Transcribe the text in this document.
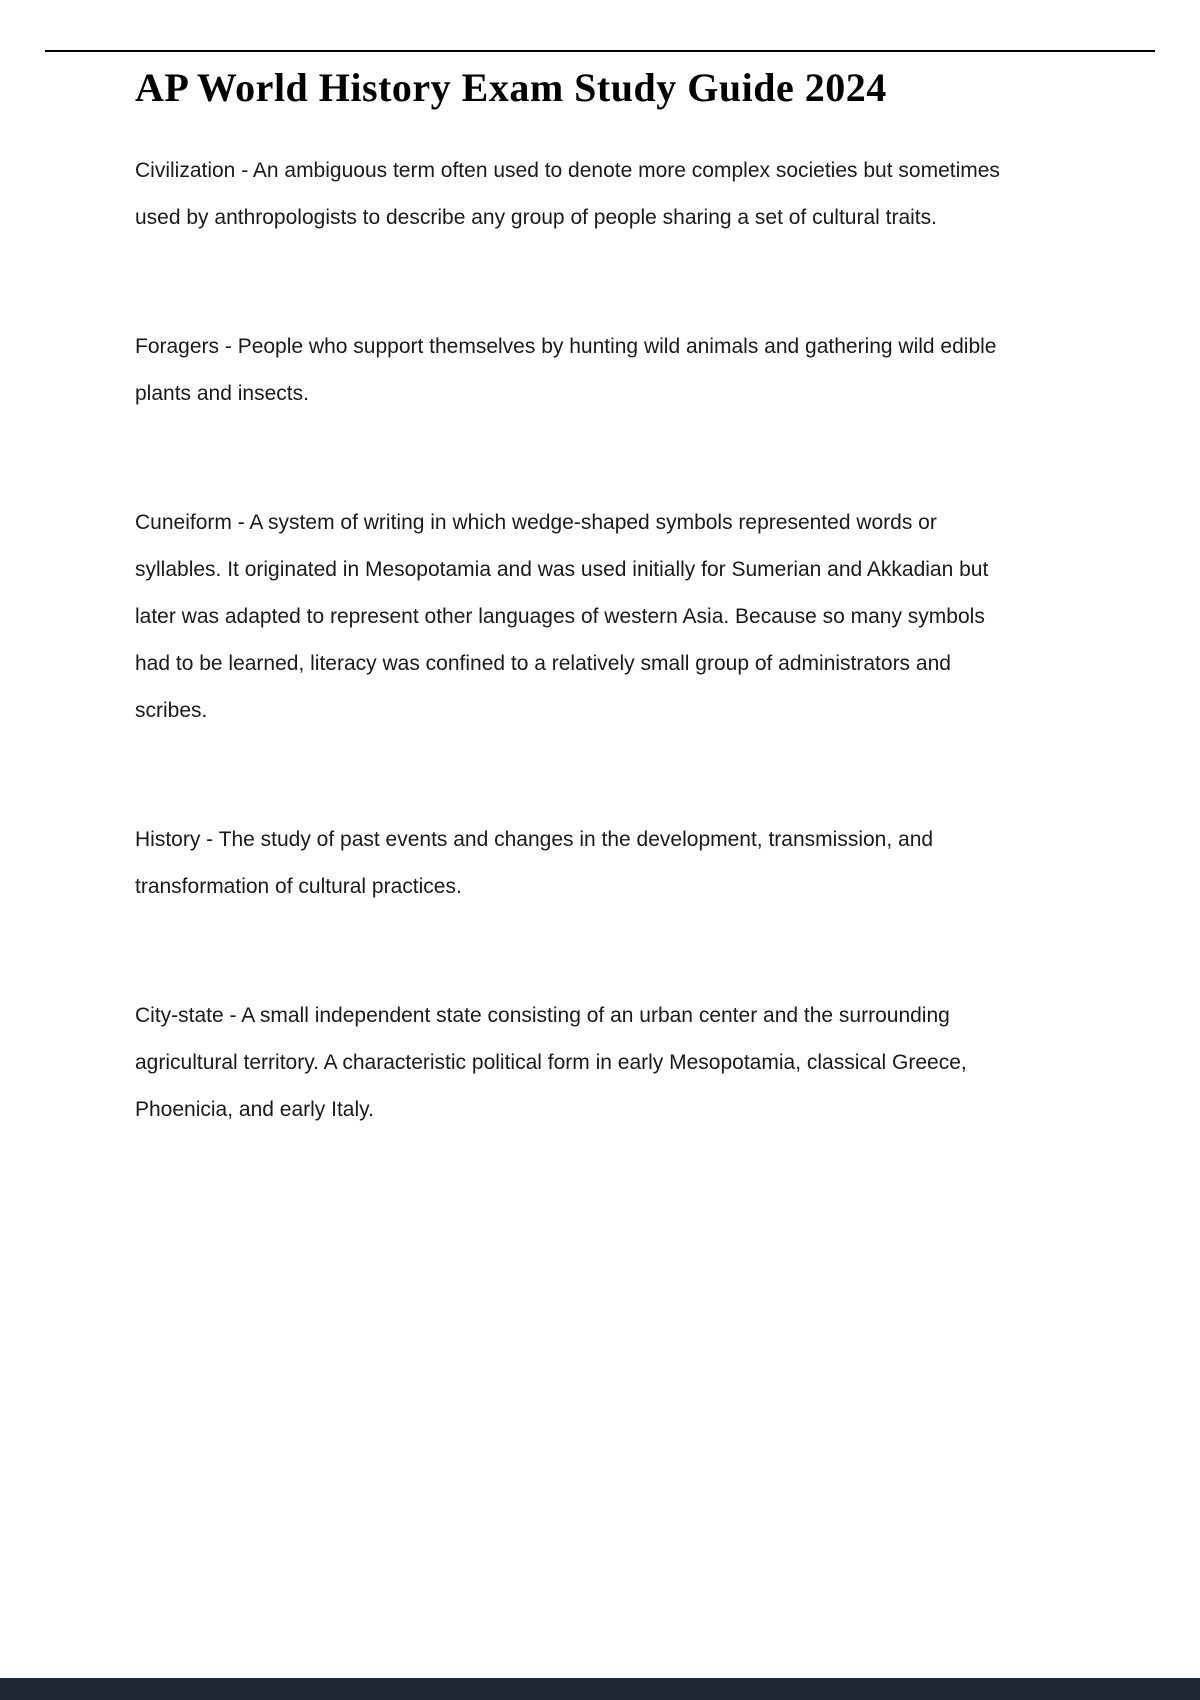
AP World History Exam Study Guide 2024

Civilization - An ambiguous term often used to denote more complex societies but sometimes used by anthropologists to describe any group of people sharing a set of cultural traits.

Foragers - People who support themselves by hunting wild animals and gathering wild edible plants and insects.

Cuneiform - A system of writing in which wedge-shaped symbols represented words or syllables. It originated in Mesopotamia and was used initially for Sumerian and Akkadian but later was adapted to represent other languages of western Asia. Because so many symbols had to be learned, literacy was confined to a relatively small group of administrators and scribes.

History - The study of past events and changes in the development, transmission, and transformation of cultural practices.

City-state - A small independent state consisting of an urban center and the surrounding agricultural territory. A characteristic political form in early Mesopotamia, classical Greece, Phoenicia, and early Italy.
